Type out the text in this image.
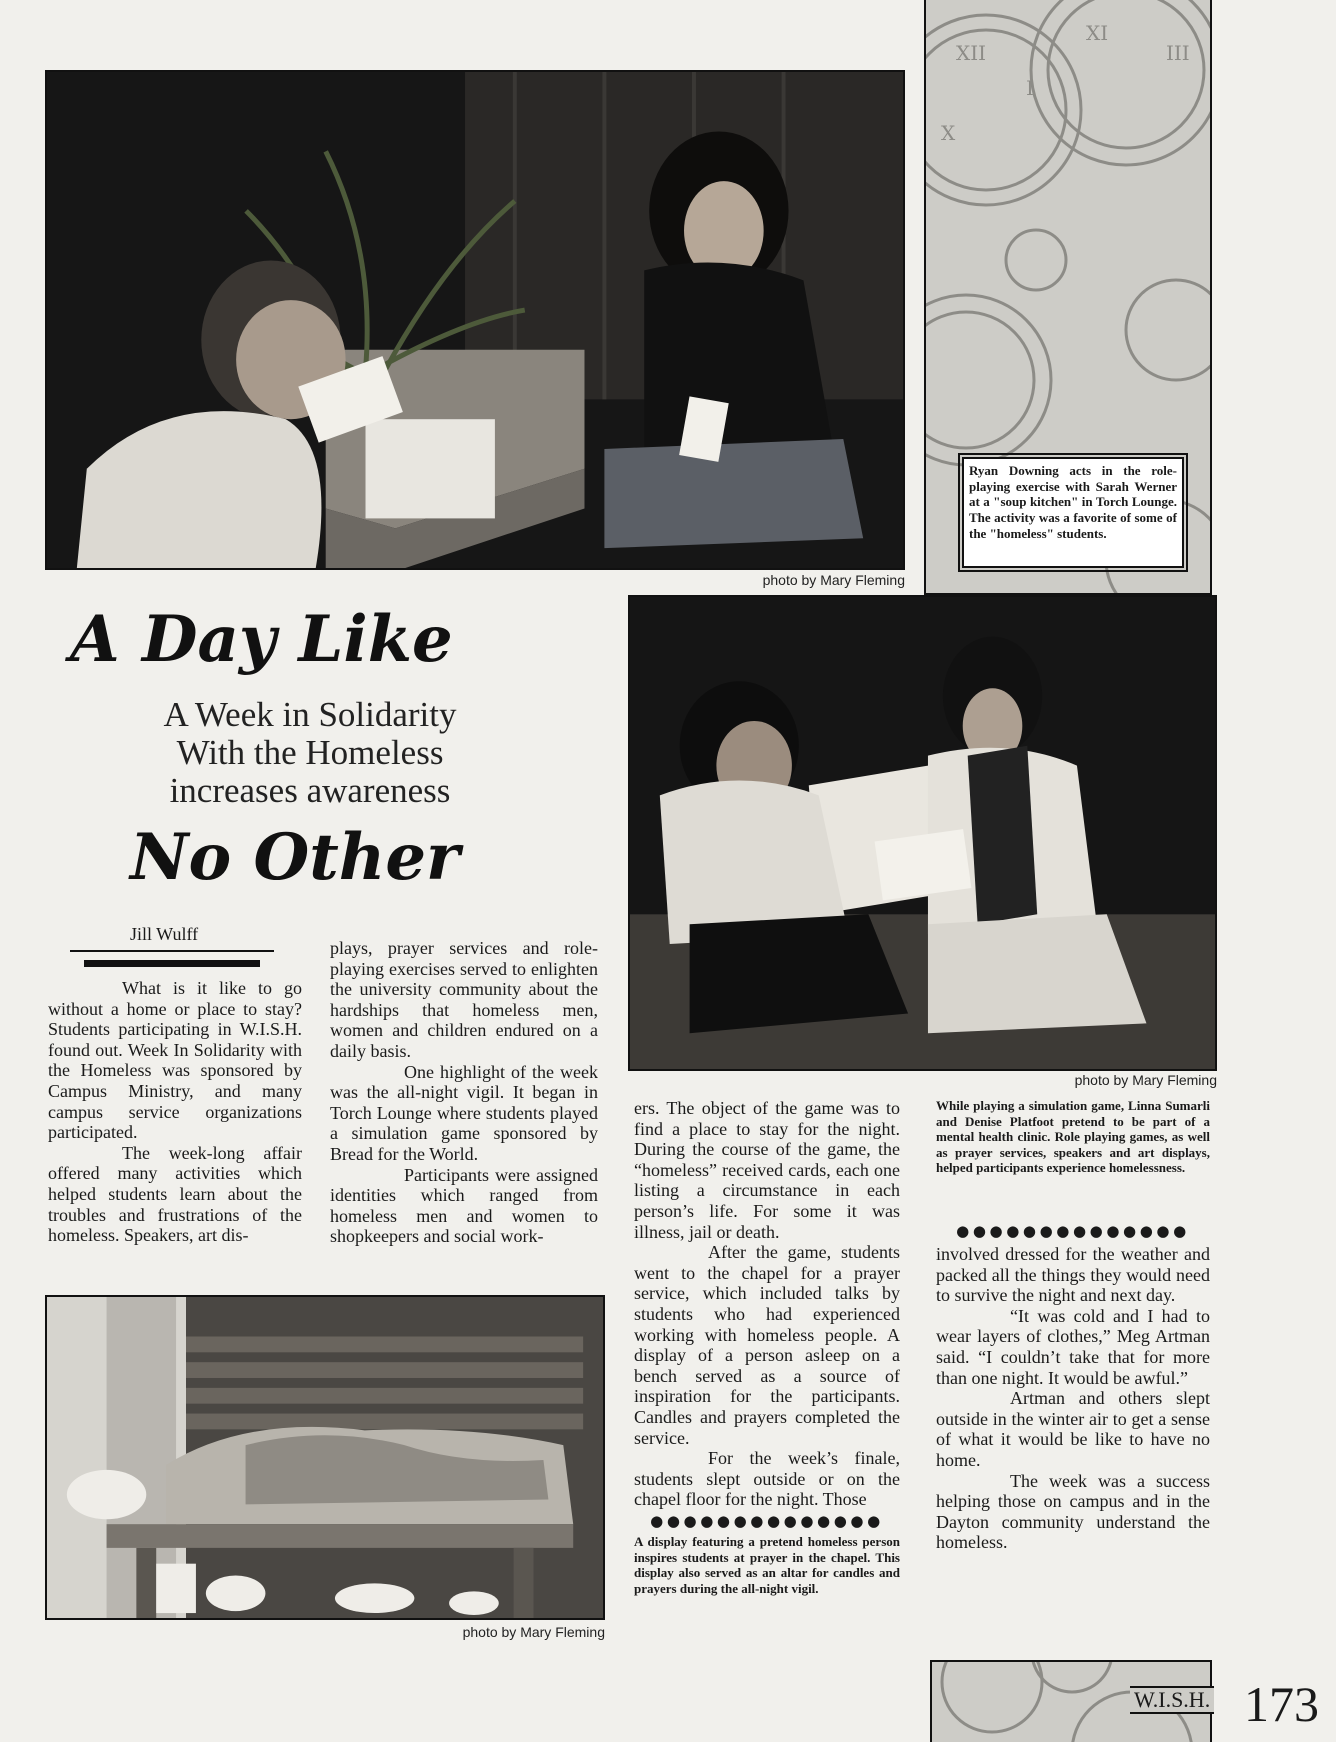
XII
I
X
III
XI

Ryan Downing acts in the role-playing exercise with Sarah Werner at a "soup kitchen" in Torch Lounge. The activity was a favorite of some of the "homeless" students.

photo by Mary Fleming
photo by Mary Fleming
photo by Mary Fleming
A Day Like
A Week in Solidarity
With the Homeless
increases awareness
No Other
Jill Wulff

What is it like to go without a home or place to stay? Students participating in W.I.S.H. found out. Week In Solidarity with the Homeless was sponsored by Campus Ministry, and many campus service organizations participated.

The week-long affair offered many activities which helped students learn about the troubles and frustrations of the homeless. Speakers, art dis-

plays, prayer services and role-playing exercises served to enlighten the university community about the hardships that homeless men, women and children endured on a daily basis.

One highlight of the week was the all-night vigil. It began in Torch Lounge where students played a simulation game sponsored by Bread for the World.

Participants were assigned identities which ranged from homeless men and women to shopkeepers and social work-

ers. The object of the game was to find a place to stay for the night. During the course of the game, the “homeless” received cards, each one listing a circumstance in each person’s life. For some it was illness, jail or death.

After the game, students went to the chapel for a prayer service, which included talks by students who had experienced working with homeless people. A display of a person asleep on a bench served as a source of inspiration for the participants. Candles and prayers completed the service.

For the week’s finale, students slept outside or on the chapel floor for the night. Those

●●●●●●●●●●●●●●

A display featuring a pretend homeless person inspires students at prayer in the chapel. This display also served as an altar for candles and prayers during the all-night vigil.

While playing a simulation game, Linna Sumarli and Denise Platfoot pretend to be part of a mental health clinic. Role playing games, as well as prayer services, speakers and art displays, helped participants experience homelessness.

●●●●●●●●●●●●●●

involved dressed for the weather and packed all the things they would need to survive the night and next day.

“It was cold and I had to wear layers of clothes,” Meg Artman said. “I couldn’t take that for more than one night. It would be awful.”

Artman and others slept outside in the winter air to get a sense of what it would be like to have no home.

The week was a success helping those on campus and in the Dayton community understand the homeless.

W.I.S.H. 173
